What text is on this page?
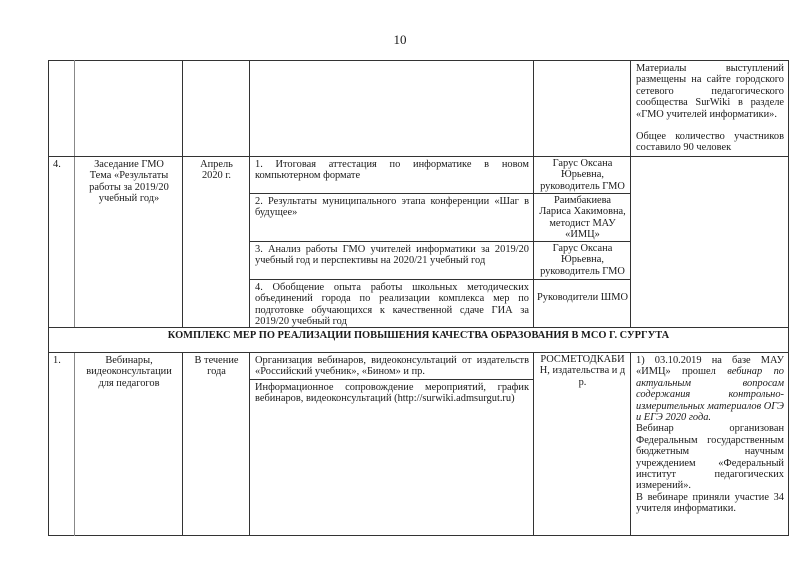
10

Материалы выступлений размещены на сайте городского сетевого педагогического сообщества SurWiki в разделе «ГМО учителей информатики».

Общее количество участников составило 90 человек

4.	Заседание ГМО Тема «Результаты работы за 2019/20 учебный год»
Апрель 2020 г.
1. Итоговая аттестация по информатике в новом компьютерном формате
Гарус Оксана Юрьевна, руководитель ГМО
2. Результаты муниципального этапа конференции «Шаг в будущее»
Раимбакиева Лариса Хакимовна, методист МАУ «ИМЦ»
3. Анализ работы ГМО учителей информатики за 2019/20 учебный год и перспективы на 2020/21 учебный год
Гарус Оксана Юрьевна, руководитель ГМО
4. Обобщение опыта работы школьных методических объединений города по реализации комплекса мер по подготовке обучающихся к качественной сдаче ГИА за 2019/20 учебный год
Руководители ШМО
КОМПЛЕКС МЕР ПО РЕАЛИЗАЦИИ ПОВЫШЕНИЯ КАЧЕСТВА ОБРАЗОВАНИЯ В МСО Г. СУРГУТА
1.	Вебинары, видеоконсультации для педагогов
В течение года
Организация вебинаров, видеоконсультаций от издательств «Российский учебник», «Бином» и пр.
Информационное сопровождение мероприятий, график вебинаров, видеоконсультаций (http://surwiki.admsurgut.ru)
РОСМЕТОДКАБИН, издательства и др.

1) 03.10.2019 на базе МАУ «ИМЦ» прошел вебинар по актуальным вопросам содержания контрольно-измерительных материалов ОГЭ и ЕГЭ 2020 года.

Вебинар организован Федеральным государственным бюджетным научным учреждением «Федеральный институт педагогических измерений».

В вебинаре приняли участие 34 учителя информатики.
